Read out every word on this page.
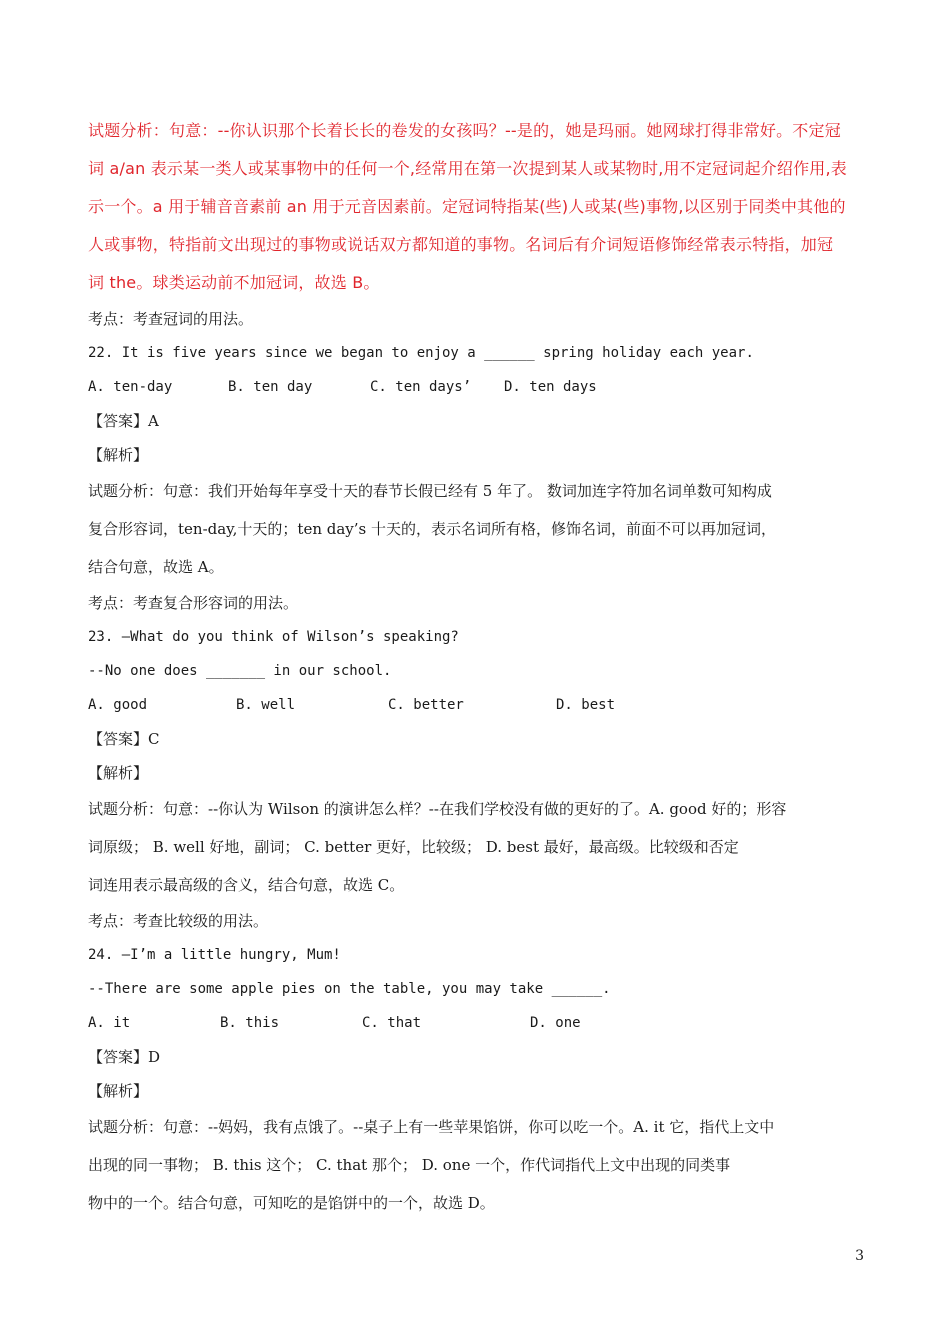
试题分析：句意：--你认识那个长着长长的卷发的女孩吗？--是的，她是玛丽。她网球打得非常好。不定冠

词 a/an 表示某一类人或某事物中的任何一个,经常用在第一次提到某人或某物时,用不定冠词起介绍作用,表

示一个。a 用于辅音音素前 an 用于元音因素前。定冠词特指某(些)人或某(些)事物,以区别于同类中其他的

人或事物，特指前文出现过的事物或说话双方都知道的事物。名词后有介词短语修饰经常表示特指，加冠

词 the。球类运动前不加冠词，故选 B。

考点：考查冠词的用法。

22. It is five years since we began to enjoy a ______ spring holiday each year.

A. ten-day	B. ten day	C. ten days’	D. ten days

【答案】A

【解析】

试题分析：句意：我们开始每年享受十天的春节长假已经有 5 年了。 数词加连字符加名词单数可知构成

复合形容词，ten-day,十天的；ten day’s 十天的，表示名词所有格，修饰名词，前面不可以再加冠词，

结合句意，故选 A。

考点：考查复合形容词的用法。

23. –What do you think of Wilson’s speaking?

--No one does _______ in our school.

A. good	B. well	C. better	D. best

【答案】C

【解析】

试题分析：句意：--你认为 Wilson 的演讲怎么样？--在我们学校没有做的更好的了。A. good 好的；形容

词原级； B. well 好地，副词； C. better 更好，比较级； D. best 最好，最高级。比较级和否定

词连用表示最高级的含义，结合句意，故选 C。

考点：考查比较级的用法。

24. –I’m a little hungry, Mum!

--There are some apple pies on the table, you may take ______.

A. it	B. this	C. that	D. one

【答案】D

【解析】

试题分析：句意：--妈妈，我有点饿了。--桌子上有一些苹果馅饼，你可以吃一个。A. it 它，指代上文中

出现的同一事物； B. this 这个； C. that 那个； D. one 一个，作代词指代上文中出现的同类事

物中的一个。结合句意，可知吃的是馅饼中的一个，故选 D。

3
